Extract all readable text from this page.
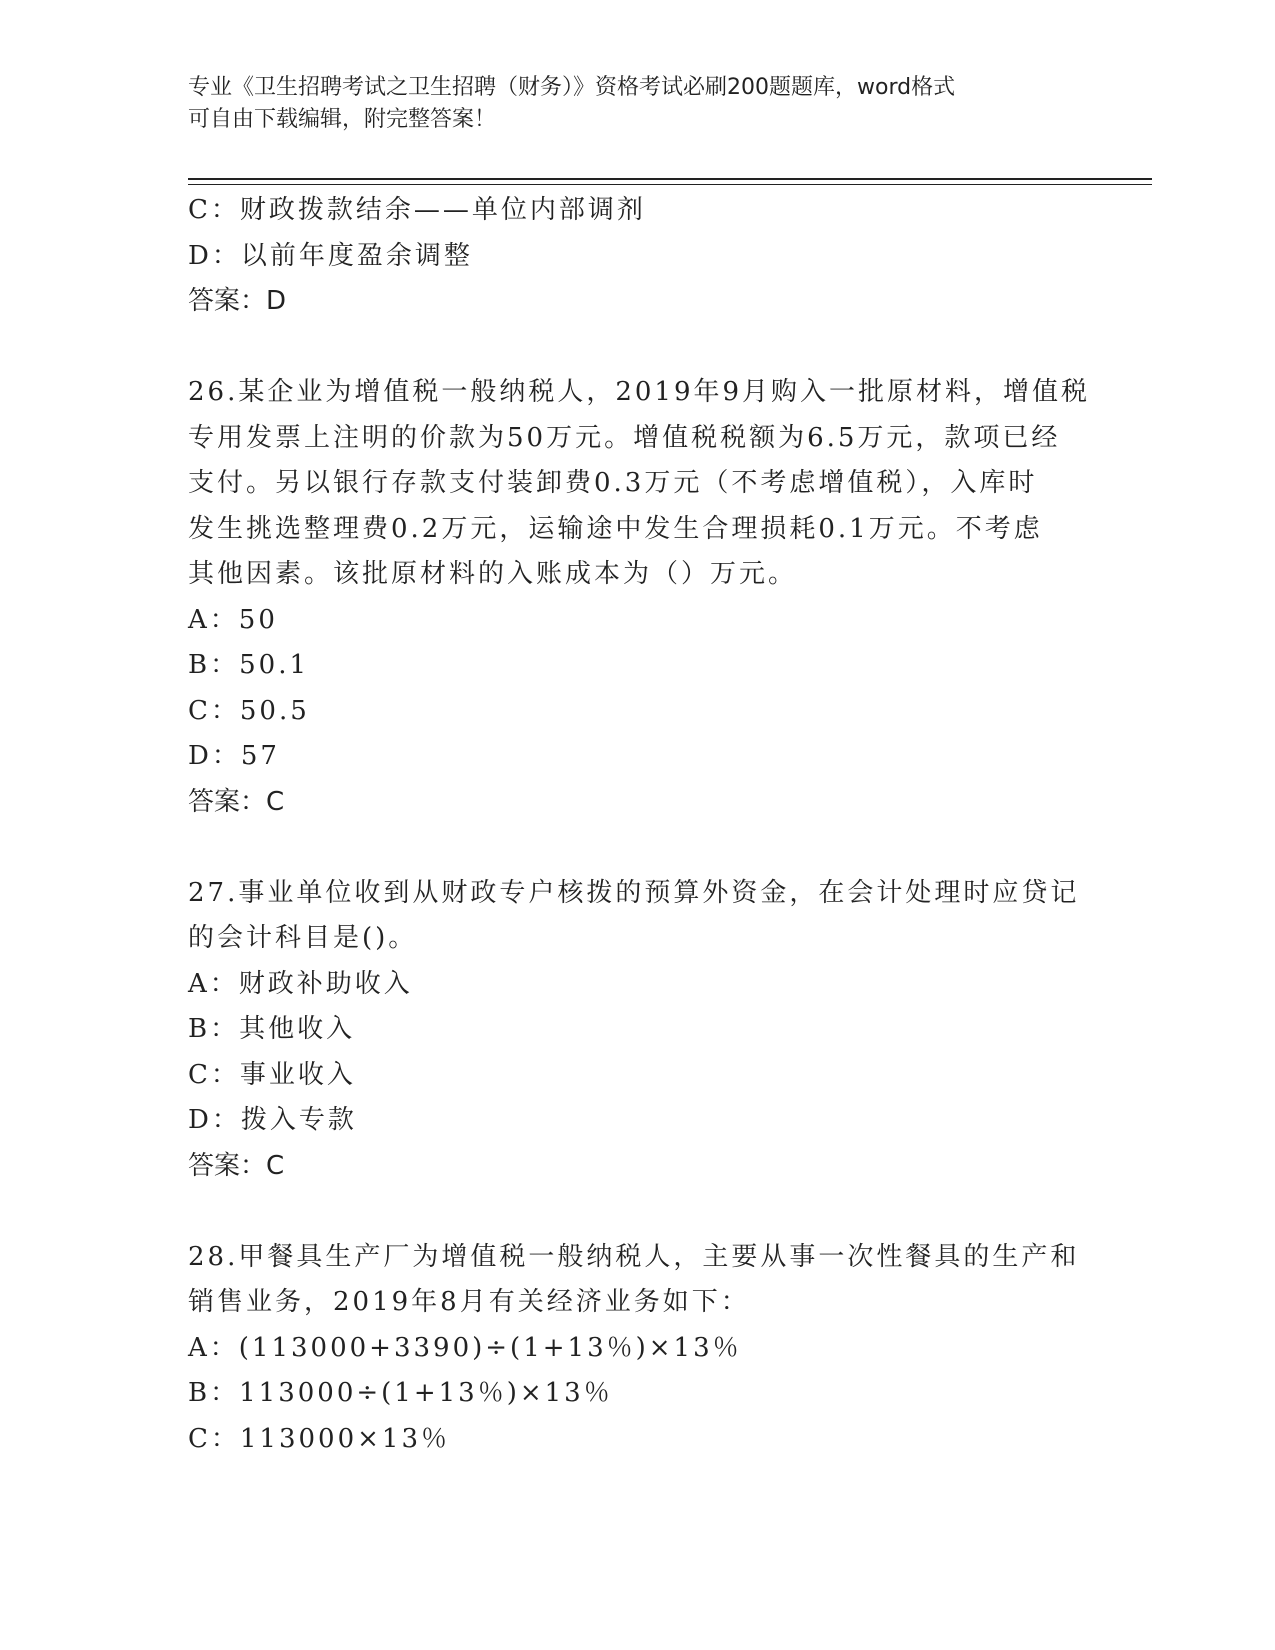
专业《卫生招聘考试之卫生招聘（财务）》资格考试必刷200题题库，word格式
可自由下载编辑，附完整答案！
C：财政拨款结余——单位内部调剂
D：以前年度盈余调整
答案：D
26.某企业为增值税一般纳税人，2019年9月购入一批原材料，增值税
专用发票上注明的价款为50万元。增值税税额为6.5万元，款项已经
支付。另以银行存款支付装卸费0.3万元（不考虑增值税），入库时
发生挑选整理费0.2万元，运输途中发生合理损耗0.1万元。不考虑
其他因素。该批原材料的入账成本为（）万元。
A：50
B：50.1
C：50.5
D：57
答案：C
27.事业单位收到从财政专户核拨的预算外资金，在会计处理时应贷记
的会计科目是()。
A：财政补助收入
B：其他收入
C：事业收入
D：拨入专款
答案：C
28.甲餐具生产厂为增值税一般纳税人，主要从事一次性餐具的生产和
销售业务，2019年8月有关经济业务如下：
A：(113000+3390)÷(1+13％)×13％
B：113000÷(1+13％)×13％
C：113000×13％
